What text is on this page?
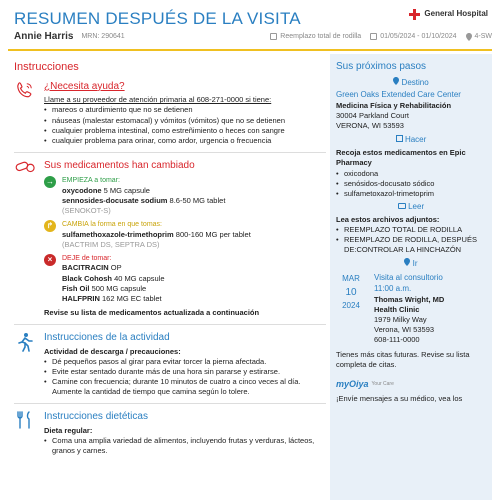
RESUMEN DESPUÉS DE LA VISITA	General Hospital
Annie Harris MRN: 290641	Reemplazo total de rodilla	01/05/2024 - 01/10/2024	4-SW
Instrucciones
¿Necesita ayuda?
Llame a su proveedor de atención primaria al 608-271-0000 si tiene:
• mareos o aturdimiento que no se detienen
• náuseas (malestar estomacal) y vómitos (vómitos) que no se detienen
• cualquier problema intestinal, como estreñimiento o heces con sangre
• cualquier problema para orinar, como ardor, urgencia o frecuencia
Sus medicamentos han cambiado
→ EMPIEZA a tomar:
oxycodone 5 MG capsule
sennosides-docusate sodium 8.6-50 MG tablet
(SENOKOT-S)
↱	CAMBIA la forma en que tomas:
sulfamethoxazole-trimethoprim 800-160 MG per tablet
(BACTRIM DS, SEPTRA DS)
×	DEJE de tomar:
BACITRACIN OP
Black Cohosh 40 MG capsule
Fish Oil 500 MG capsule
HALFPRIN 162 MG EC tablet
Revise su lista de medicamentos actualizada a continuación
Instrucciones de la actividad
Actividad de descarga / precauciones:
• Dé pequeños pasos al girar para evitar torcer la pierna afectada.
• Evite estar sentado durante más de una hora sin pararse y estirarse.
• Camine con frecuencia; durante 10 minutos de cuatro a cinco veces al día. Aumente la cantidad de tiempo que camina según lo tolere.
Instrucciones dietéticas
Dieta regular:
• Coma una amplia variedad de alimentos, incluyendo frutas y verduras, lácteos, granos y carnes.
Sus próximos pasos
Destino
Green Oaks Extended Care Center
Medicina Física y Rehabilitación
30004 Parkland Court
VERONA, WI 53593
Hacer
Recoja estos medicamentos en Epic Pharmacy
• oxicodona
• senósidos-docusato sódico
• sulfametoxazol-trimetoprim
Leer
Lea estos archivos adjuntos:
• REEMPLAZO TOTAL DE RODILLA
• REEMPLAZO DE RODILLA, DESPUÉS DE:CONTROLAR LA HINCHAZÓN
Ir
MAR
10
2024
Visita al consultorio
11:00 a.m.
Thomas Wright, MD
Health Clinic
1979 Milky Way
Verona, WI 53593
608-111-0000
Tienes más citas futuras. Revise su lista completa de citas.
myOiya Your Care
¡Envíe mensajes a su médico, vea los
